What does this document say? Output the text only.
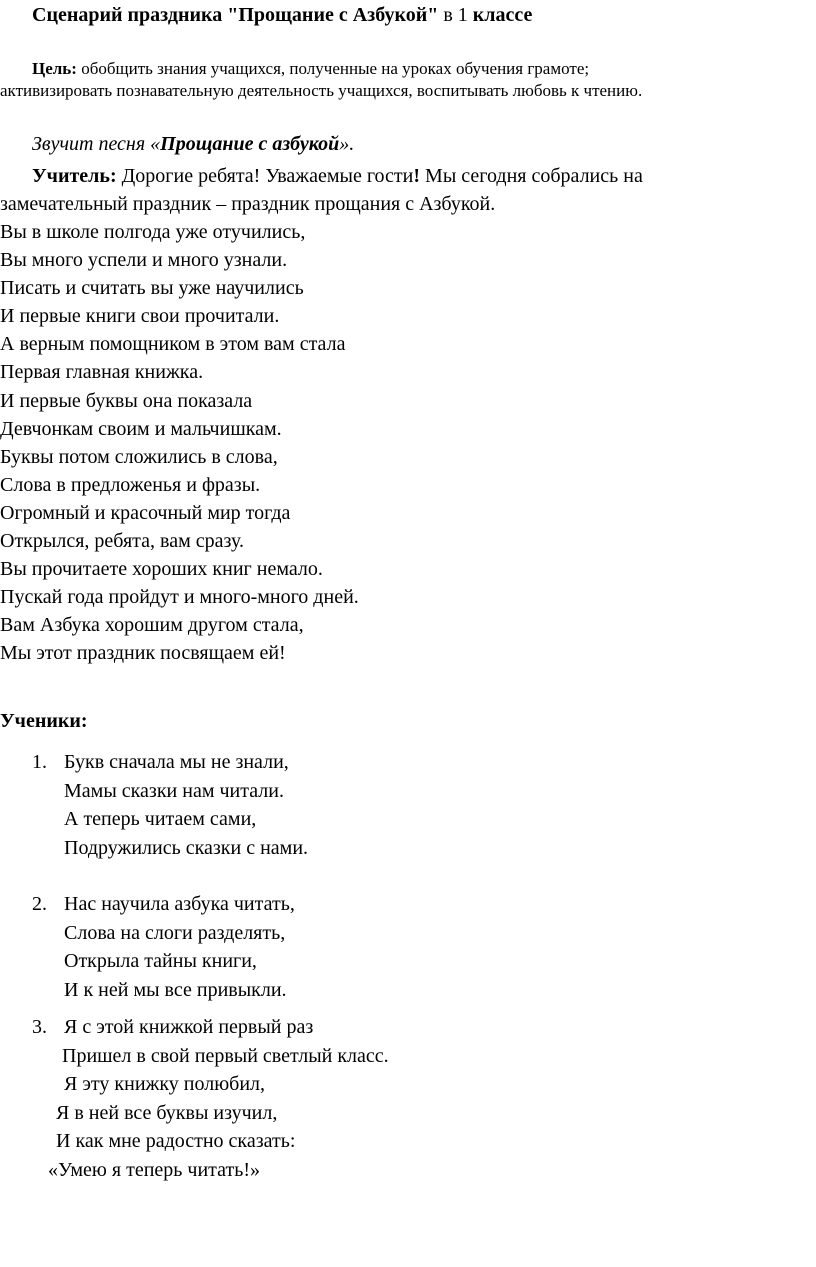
Сценарий праздника "Прощание с Азбукой" в 1 классе
Цель: обобщить знания учащихся, полученные на уроках обучения грамоте;
активизировать познавательную деятельность учащихся, воспитывать любовь к чтению.
Звучит песня «Прощание с азбукой».
Учитель: Дорогие ребята! Уважаемые гости! Мы сегодня собрались на
замечательный праздник – праздник прощания с Азбукой.
Вы в школе полгода уже отучились,
Вы много успели и много узнали.
Писать и считать вы уже научились
И первые книги свои прочитали.
А верным помощником в этом вам стала
Первая главная книжка.
И первые буквы она показала
Девчонкам своим и мальчишкам.
Буквы потом сложились в слова,
Слова в предложенья и фразы.
Огромный и красочный мир тогда
Открылся, ребята, вам сразу.
Вы прочитаете хороших книг немало.
Пускай года пройдут и много-много дней.
Вам Азбука хорошим другом стала,
Мы этот праздник посвящаем ей!
Ученики:
1. Букв сначала мы не знали,
Мамы сказки нам читали.
А теперь читаем сами,
Подружились сказки с нами.
2. Нас научила азбука читать,
Слова на слоги разделять,
Открыла тайны книги,
И к ней мы все привыкли.
3. Я с этой книжкой первый раз
Пришел в свой первый светлый класс.
Я эту книжку полюбил,
Я в ней все буквы изучил,
И как мне радостно сказать:
«Умею я теперь читать!»
